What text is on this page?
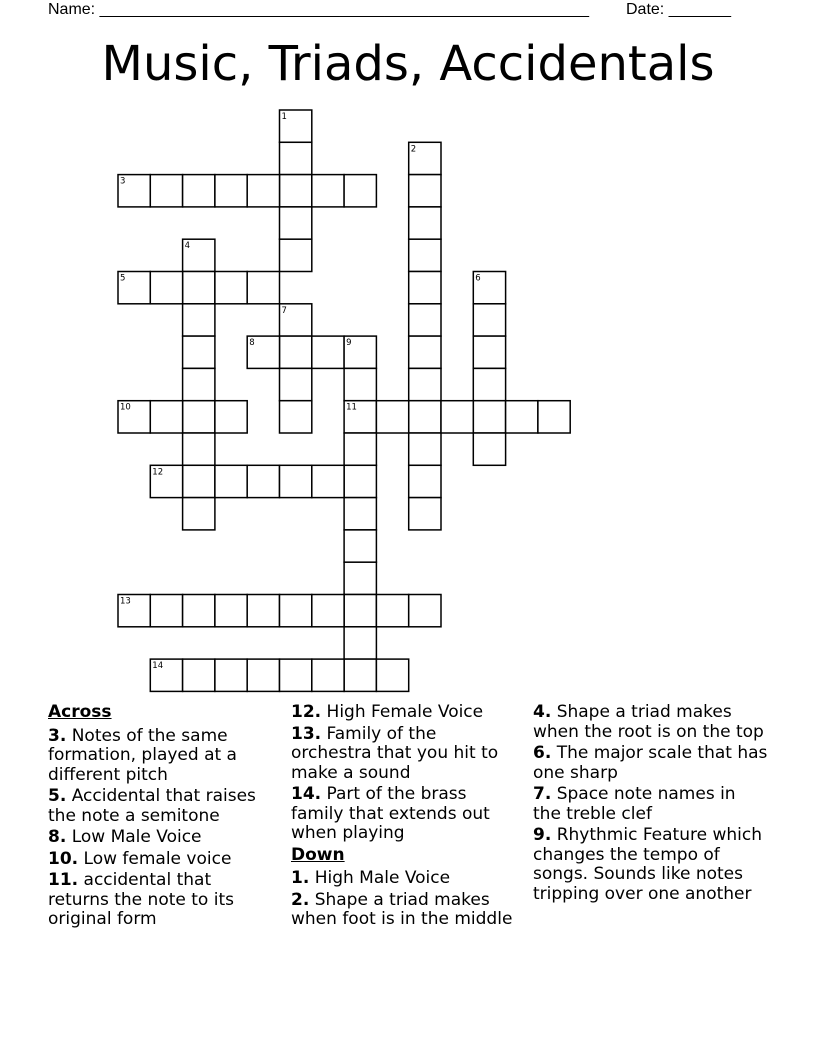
Name: _______________________________________________________ Date: _______
Music, Triads, Accidentals
1
2
3
4
5	6
7
8	9
11
10
12
13
14
Across
3. Notes of the same formation, played at a different pitch
5. Accidental that raises the note a semitone
8. Low Male Voice
10. Low female voice
11. accidental that returns the note to its original form
12. High Female Voice
13. Family of the orchestra that you hit to make a sound
14. Part of the brass family that extends out when playing
Down
1. High Male Voice
2. Shape a triad makes when foot is in the middle
4. Shape a triad makes when the root is on the top
6. The major scale that has one sharp
7. Space note names in the treble clef
9. Rhythmic Feature which changes the tempo of songs. Sounds like notes tripping over one another
